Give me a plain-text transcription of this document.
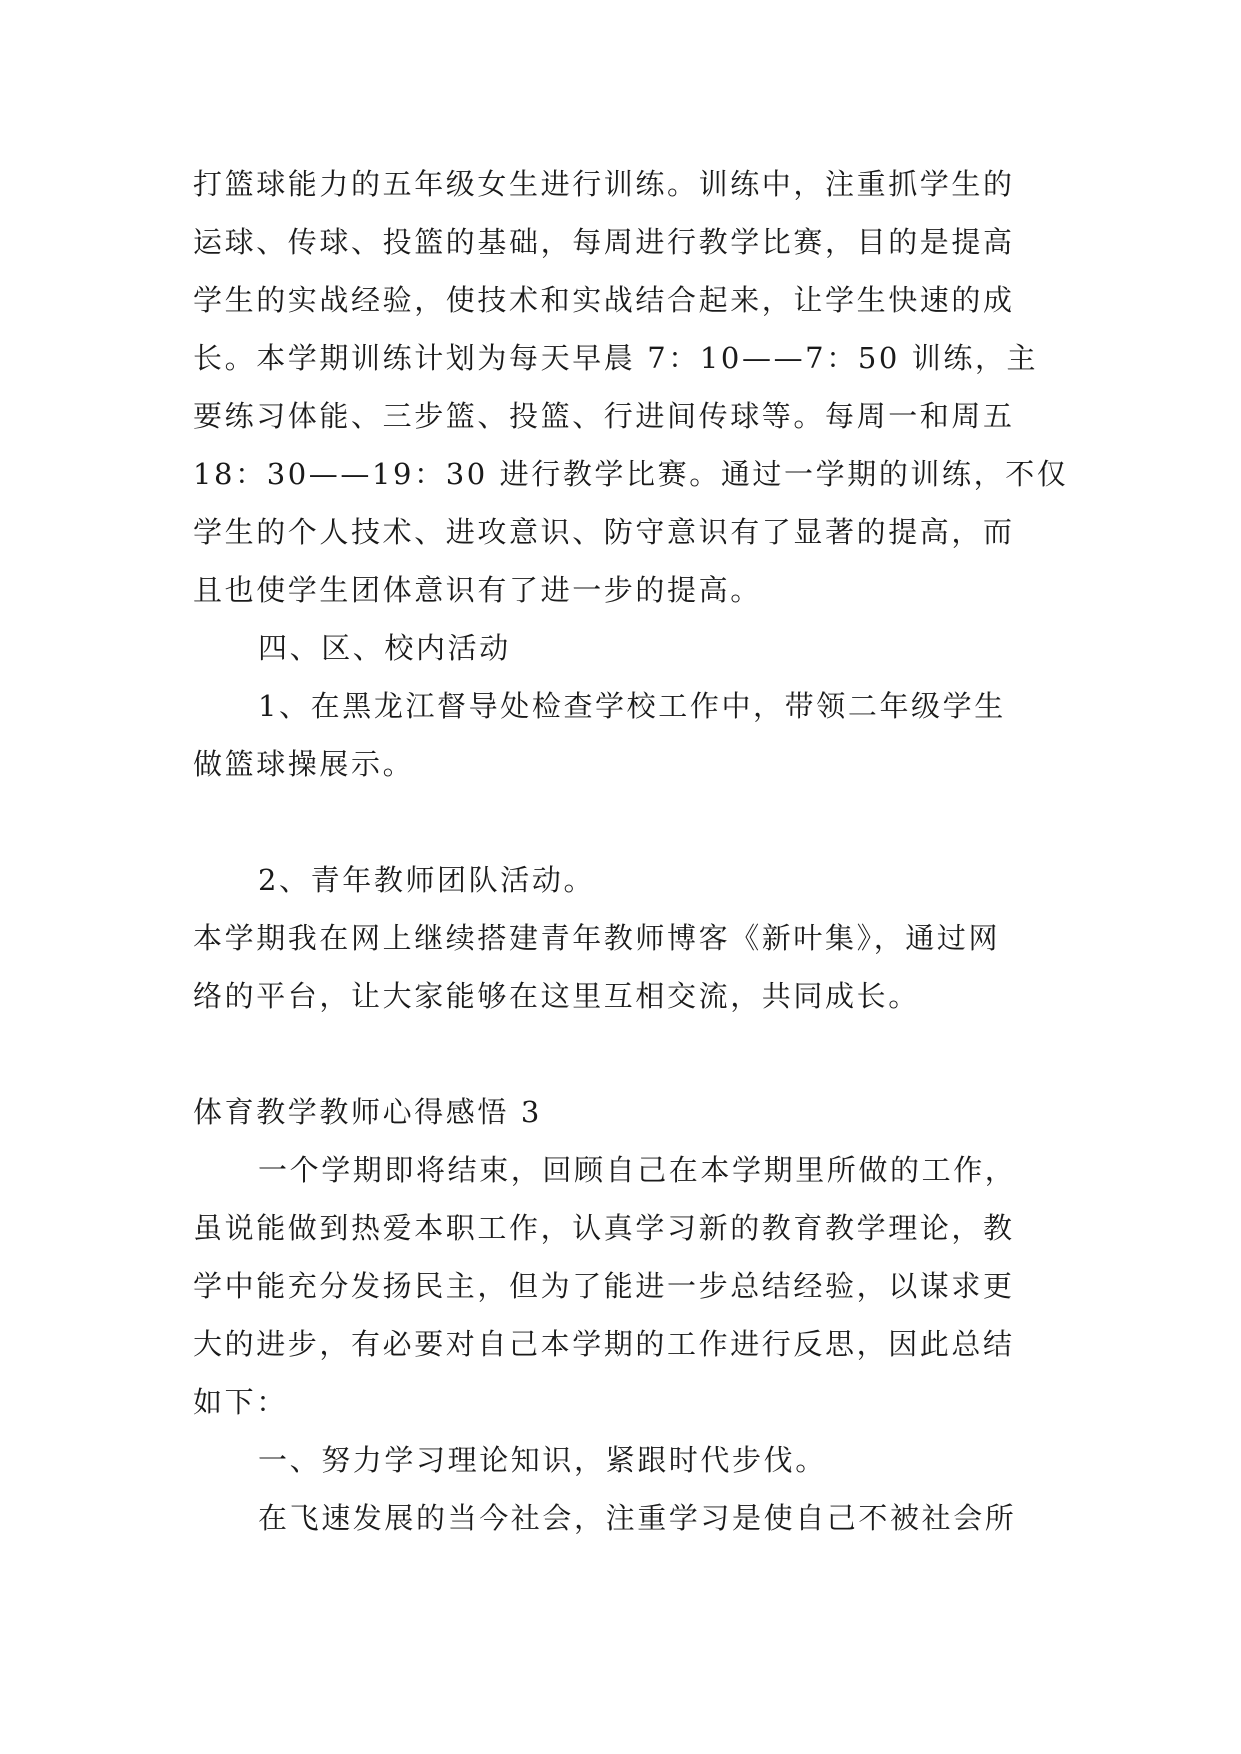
打篮球能力的五年级女生进行训练。训练中，注重抓学生的
运球、传球、投篮的基础，每周进行教学比赛，目的是提高
学生的实战经验，使技术和实战结合起来，让学生快速的成
长。本学期训练计划为每天早晨 7：10——7：50 训练，主
要练习体能、三步篮、投篮、行进间传球等。每周一和周五
18：30——19：30 进行教学比赛。通过一学期的训练，不仅
学生的个人技术、进攻意识、防守意识有了显著的提高，而
且也使学生团体意识有了进一步的提高。
四、区、校内活动
1、在黑龙江督导处检查学校工作中，带领二年级学生
做篮球操展示。
2、青年教师团队活动。
本学期我在网上继续搭建青年教师博客《新叶集》，通过网
络的平台，让大家能够在这里互相交流，共同成长。
体育教学教师心得感悟 3
一个学期即将结束，回顾自己在本学期里所做的工作，
虽说能做到热爱本职工作，认真学习新的教育教学理论，教
学中能充分发扬民主，但为了能进一步总结经验，以谋求更
大的进步，有必要对自己本学期的工作进行反思，因此总结
如下：
一、努力学习理论知识，紧跟时代步伐。
在飞速发展的当今社会，注重学习是使自己不被社会所
